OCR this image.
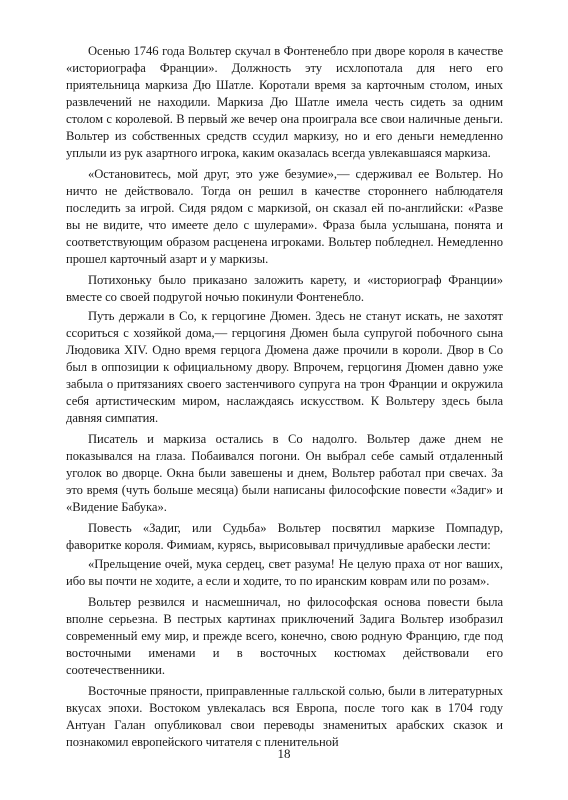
Осенью 1746 года Вольтер скучал в Фонтенебло при дворе короля в качестве «историографа Франции». Должность эту исхлопотала для него его приятельница маркиза Дю Шатле. Коротали время за карточным столом, иных развлечений не находили. Маркиза Дю Шатле имела честь сидеть за одним столом с королевой. В первый же вечер она проиграла все свои наличные деньги. Вольтер из собственных средств ссудил маркизу, но и его деньги немедленно уплыли из рук азартного игрока, каким оказалась всегда увлекавшаяся маркиза.

«Остановитесь, мой друг, это уже безумие»,— сдерживал ее Вольтер. Но ничто не действовало. Тогда он решил в качестве стороннего наблюдателя последить за игрой. Сидя рядом с маркизой, он сказал ей по-английски: «Разве вы не видите, что имеете дело с шулерами». Фраза была услышана, понята и соответствующим образом расценена игроками. Вольтер побледнел. Немедленно прошел карточный азарт и у маркизы.

Потихоньку было приказано заложить карету, и «историограф Франции» вместе со своей подругой ночью покинули Фонтенебло.

Путь держали в Со, к герцогине Дюмен. Здесь не станут искать, не захотят ссориться с хозяйкой дома,— герцогиня Дюмен была супругой побочного сына Людовика XIV. Одно время герцога Дюмена даже прочили в короли. Двор в Со был в оппозиции к официальному двору. Впрочем, герцогиня Дюмен давно уже забыла о притязаниях своего застенчивого супруга на трон Франции и окружила себя артистическим миром, наслаждаясь искусством. К Вольтеру здесь была давняя симпатия.

Писатель и маркиза остались в Со надолго. Вольтер даже днем не показывался на глаза. Побаивался погони. Он выбрал себе самый отдаленный уголок во дворце. Окна были завешены и днем, Вольтер работал при свечах. За это время (чуть больше месяца) были написаны философские повести «Задиг» и «Видение Бабука».

Повесть «Задиг, или Судьба» Вольтер посвятил маркизе Помпадур, фаворитке короля. Фимиам, курясь, вырисовывал причудливые арабески лести:

«Прельщение очей, мука сердец, свет разума! Не целую праха от ног ваших, ибо вы почти не ходите, а если и ходите, то по иранским коврам или по розам».

Вольтер резвился и насмешничал, но философская основа повести была вполне серьезна. В пестрых картинах приключений Задига Вольтер изобразил современный ему мир, и прежде всего, конечно, свою родную Францию, где под восточными именами и в восточных костюмах действовали его соотечественники.

Восточные пряности, приправленные галльской солью, были в литературных вкусах эпохи. Востоком увлекалась вся Европа, после того как в 1704 году Антуан Галан опубликовал свои переводы знаменитых арабских сказок и познакомил европейского читателя с пленительной

18
